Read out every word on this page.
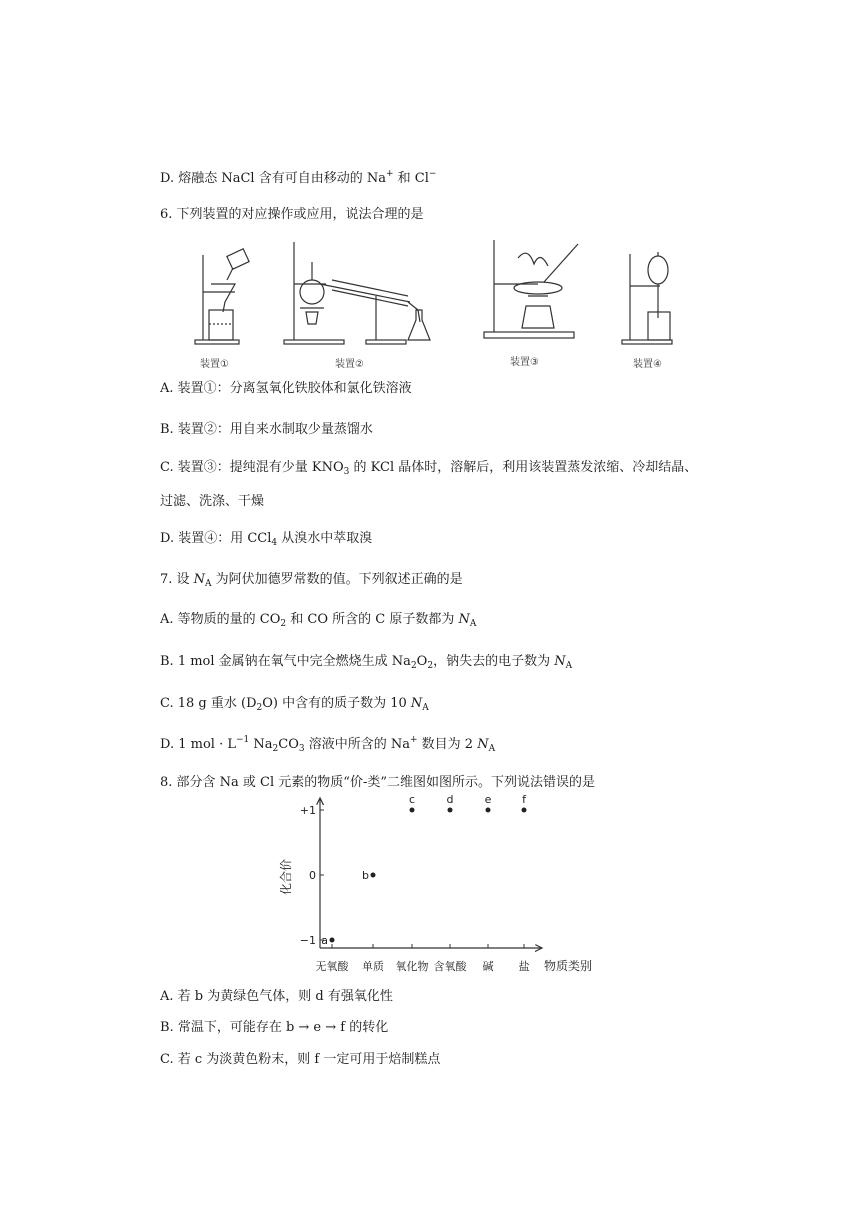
D. 熔融态 NaCl 含有可自由移动的 Na+ 和 Cl−
6. 下列装置的对应操作或应用，说法合理的是
装置①	装置②	装置③	装置④
A. 装置①：分离氢氧化铁胶体和氯化铁溶液
B. 装置②：用自来水制取少量蒸馏水
C. 装置③：提纯混有少量 $KNO_3$ 的 KCl 晶体时，溶解后，利用该装置蒸发浓缩、冷却结晶、
过滤、洗涤、干燥
D. 装置④：用 CCl$_4$ 从溴水中萃取溴
7. 设 $N_A$ 为阿伏加德罗常数的值。下列叙述正确的是
A. 等物质的量的 $CO_2$ 和 CO 所含的 C 原子数都为 $N_A$
B. 1 mol 金属钠在氧气中完全燃烧生成 $Na_2O_2$，钠失去的电子数为 $N_A$
C. 18 g 重水 $(D_2O)$ 中含有的质子数为 10 $N_A$
D. 1 mol · $L^{-1}$ $Na_2CO_3$ 溶液中所含的 Na+ 数目为 2 $N_A$
8. 部分含 Na 或 Cl 元素的物质“价-类”二维图如图所示。下列说法错误的是
化合价
物质类别
+1
0
−1
无氧酸 单质 氧化物 含氧酸 碱 盐
a
b
c	d	e	f
A. 若 b 为黄绿色气体，则 d 有强氧化性
B. 常温下，可能存在 b → e → f 的转化
C. 若 c 为淡黄色粉末，则 f 一定可用于焙制糕点
